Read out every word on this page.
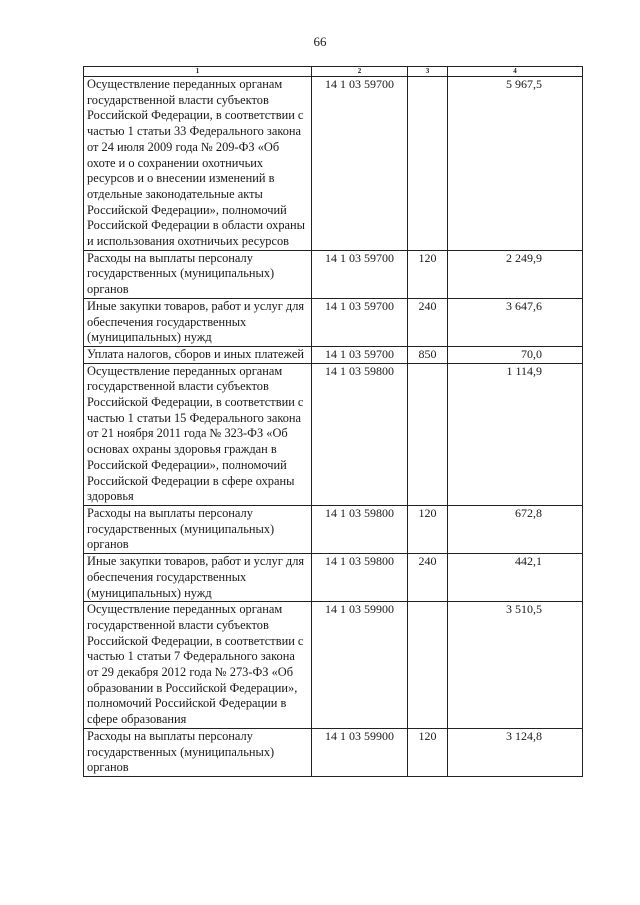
66
1	2	3	4
Осуществление переданных органам государственной власти субъектов Российской Федерации, в соответствии с частью 1 статьи 33 Федерального закона от 24 июля 2009 года № 209-ФЗ «Об охоте и о сохранении охотничьих ресурсов и о внесении изменений в отдельные законодательные акты Российской Федерации», полномочий Российской Федерации в области охраны и использования охотничьих ресурсов	14 1 03 59700		5 967,5
Расходы на выплаты персоналу государственных (муниципальных) органов	14 1 03 59700	120	2 249,9
Иные закупки товаров, работ и услуг для обеспечения государственных (муниципальных) нужд	14 1 03 59700	240	3 647,6
Уплата налогов, сборов и иных платежей	14 1 03 59700	850	70,0
Осуществление переданных органам государственной власти субъектов Российской Федерации, в соответствии с частью 1 статьи 15 Федерального закона от 21 ноября 2011 года № 323-ФЗ «Об основах охраны здоровья граждан в Российской Федерации», полномочий Российской Федерации в сфере охраны здоровья	14 1 03 59800		1 114,9
Расходы на выплаты персоналу государственных (муниципальных) органов	14 1 03 59800	120	672,8
Иные закупки товаров, работ и услуг для обеспечения государственных (муниципальных) нужд	14 1 03 59800	240	442,1
Осуществление переданных органам государственной власти субъектов Российской Федерации, в соответствии с частью 1 статьи 7 Федерального закона от 29 декабря 2012 года № 273-ФЗ «Об образовании в Российской Федерации», полномочий Российской Федерации в сфере образования	14 1 03 59900		3 510,5
Расходы на выплаты персоналу государственных (муниципальных) органов	14 1 03 59900	120	3 124,8
